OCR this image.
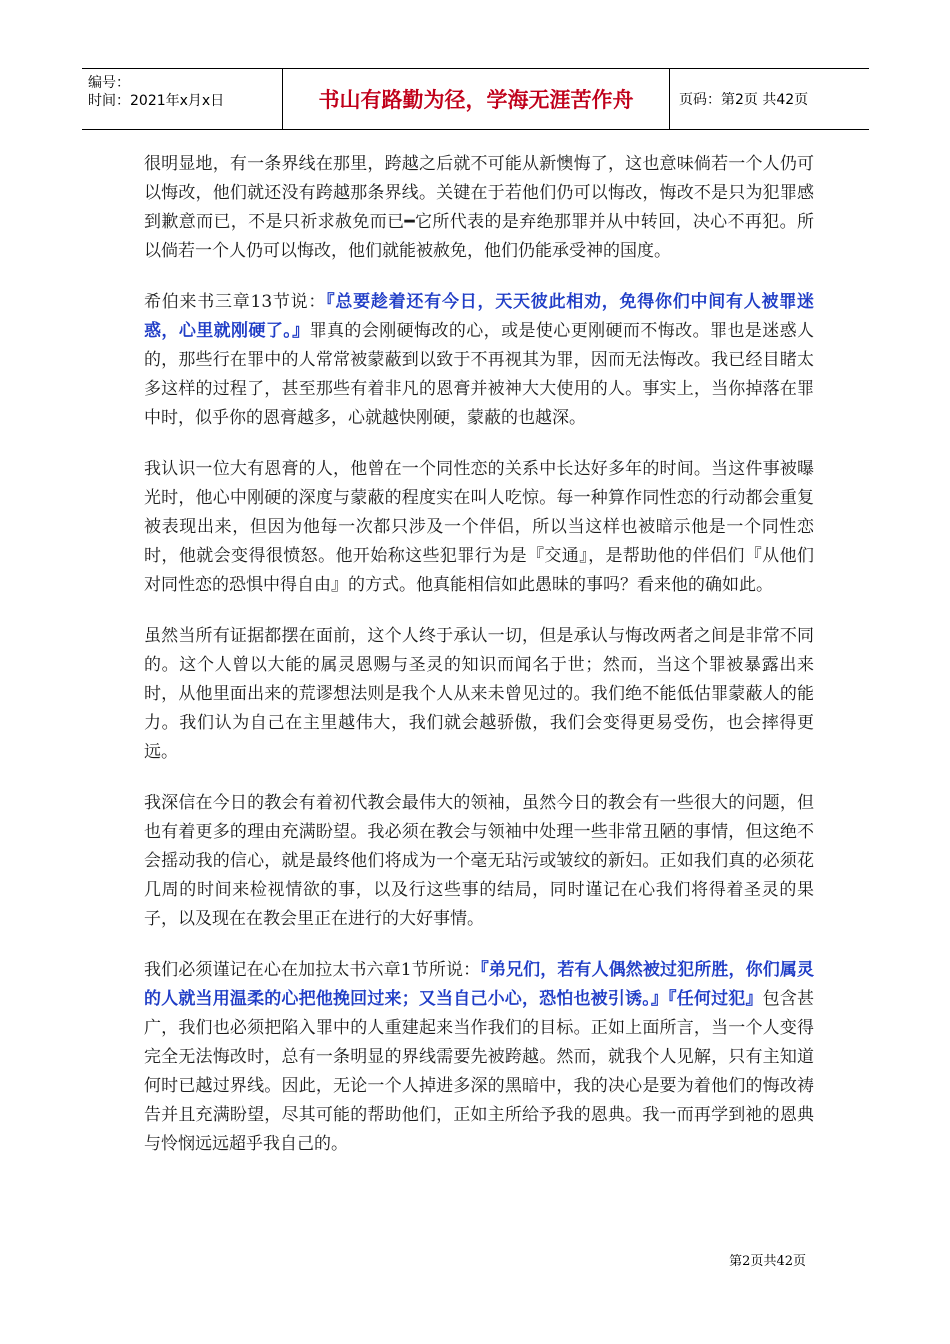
编号：
时间：2021年x月x日	书山有路勤为径，学海无涯苦作舟	页码：第2页 共42页

很明显地，有一条界线在那里，跨越之后就不可能从新懊悔了，这也意味倘若一个人仍可以悔改，他们就还没有跨越那条界线。关键在于若他们仍可以悔改，悔改不是只为犯罪感到歉意而已，不是只祈求赦免而已━它所代表的是弃绝那罪并从中转回，决心不再犯。所以倘若一个人仍可以悔改，他们就能被赦免，他们仍能承受神的国度。

希伯来书三章13节说：『总要趁着还有今日，天天彼此相劝，免得你们中间有人被罪迷惑，心里就刚硬了。』罪真的会刚硬悔改的心，或是使心更刚硬而不悔改。罪也是迷惑人的，那些行在罪中的人常常被蒙蔽到以致于不再视其为罪，因而无法悔改。我已经目睹太多这样的过程了，甚至那些有着非凡的恩膏并被神大大使用的人。事实上，当你掉落在罪中时，似乎你的恩膏越多，心就越快刚硬，蒙蔽的也越深。

我认识一位大有恩膏的人，他曾在一个同性恋的关系中长达好多年的时间。当这件事被曝光时，他心中刚硬的深度与蒙蔽的程度实在叫人吃惊。每一种算作同性恋的行动都会重复被表现出来，但因为他每一次都只涉及一个伴侣，所以当这样也被暗示他是一个同性恋时，他就会变得很愤怒。他开始称这些犯罪行为是『交通』，是帮助他的伴侣们『从他们对同性恋的恐惧中得自由』的方式。他真能相信如此愚昧的事吗？看来他的确如此。

虽然当所有证据都摆在面前，这个人终于承认一切，但是承认与悔改两者之间是非常不同的。这个人曾以大能的属灵恩赐与圣灵的知识而闻名于世；然而，当这个罪被暴露出来时，从他里面出来的荒谬想法则是我个人从来未曾见过的。我们绝不能低估罪蒙蔽人的能力。我们认为自己在主里越伟大，我们就会越骄傲，我们会变得更易受伤，也会摔得更远。

我深信在今日的教会有着初代教会最伟大的领袖，虽然今日的教会有一些很大的问题，但也有着更多的理由充满盼望。我必须在教会与领袖中处理一些非常丑陋的事情，但这绝不会摇动我的信心，就是最终他们将成为一个毫无玷污或皱纹的新妇。正如我们真的必须花几周的时间来检视情欲的事，以及行这些事的结局，同时谨记在心我们将得着圣灵的果子，以及现在在教会里正在进行的大好事情。

我们必须谨记在心在加拉太书六章1节所说：『弟兄们，若有人偶然被过犯所胜，你们属灵的人就当用温柔的心把他挽回过来；又当自己小心，恐怕也被引诱。』『任何过犯』包含甚广，我们也必须把陷入罪中的人重建起来当作我们的目标。正如上面所言，当一个人变得完全无法悔改时，总有一条明显的界线需要先被跨越。然而，就我个人见解，只有主知道何时已越过界线。因此，无论一个人掉进多深的黑暗中，我的决心是要为着他们的悔改祷告并且充满盼望，尽其可能的帮助他们，正如主所给予我的恩典。我一而再学到祂的恩典与怜悯远远超乎我自己的。

第2页共42页
